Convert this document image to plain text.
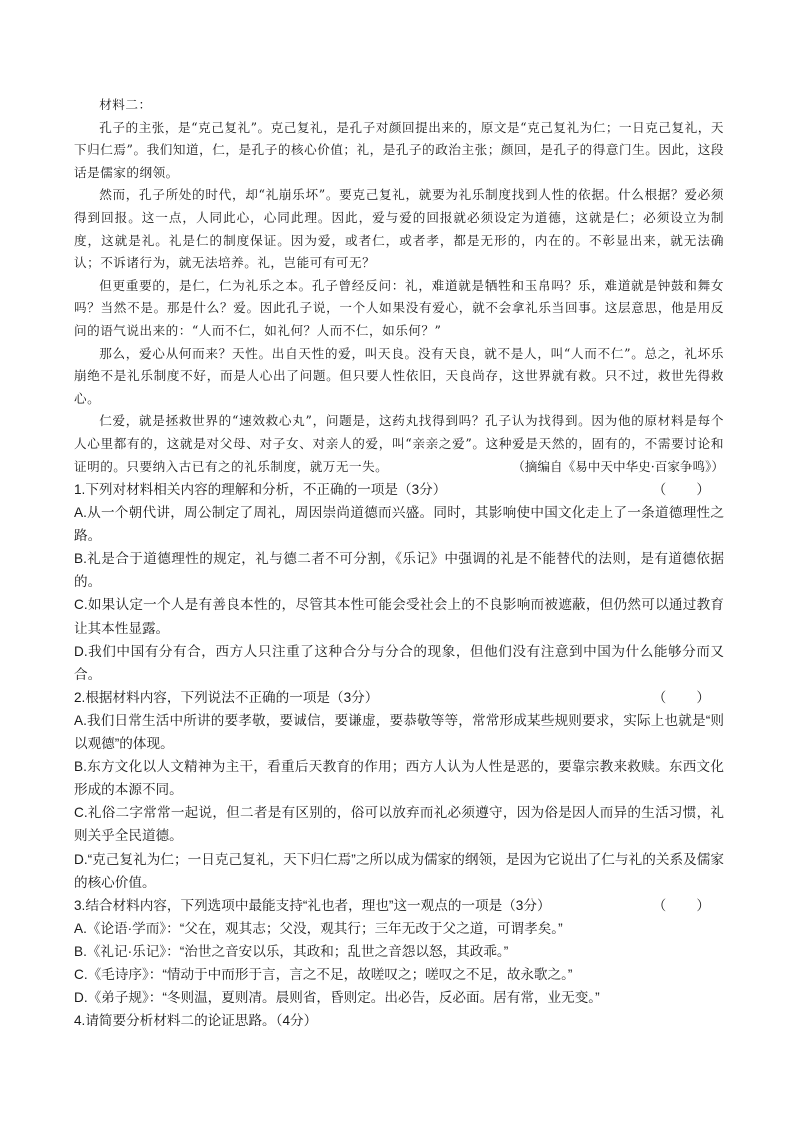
材料二：

孔子的主张，是“克己复礼”。克己复礼，是孔子对颜回提出来的，原文是“克己复礼为仁；一日克己复礼，天下归仁焉”。我们知道，仁，是孔子的核心价值；礼，是孔子的政治主张；颜回，是孔子的得意门生。因此，这段话是儒家的纲领。

然而，孔子所处的时代，却“礼崩乐坏”。要克己复礼，就要为礼乐制度找到人性的依据。什么根据？爱必须得到回报。这一点，人同此心，心同此理。因此，爱与爱的回报就必须设定为道德，这就是仁；必须设立为制度，这就是礼。礼是仁的制度保证。因为爱，或者仁，或者孝，都是无形的，内在的。不彰显出来，就无法确认；不诉诸行为，就无法培养。礼，岂能可有可无？

但更重要的，是仁，仁为礼乐之本。孔子曾经反问：礼，难道就是牺牲和玉帛吗？乐，难道就是钟鼓和舞女吗？当然不是。那是什么？爱。因此孔子说，一个人如果没有爱心，就不会拿礼乐当回事。这层意思，他是用反问的语气说出来的：“人而不仁，如礼何？人而不仁，如乐何？”

那么，爱心从何而来？天性。出自天性的爱，叫天良。没有天良，就不是人，叫“人而不仁”。总之，礼坏乐崩绝不是礼乐制度不好，而是人心出了问题。但只要人性依旧，天良尚存，这世界就有救。只不过，救世先得救心。

仁爱，就是拯救世界的“速效救心丸”，问题是，这药丸找得到吗？孔子认为找得到。因为他的原材料是每个人心里都有的，这就是对父母、对子女、对亲人的爱，叫“亲亲之爱”。这种爱是天然的，固有的，不需要讨论和证明的。只要纳入古已有之的礼乐制度，就万无一失。	（摘编自《易中天中华史·百家争鸣》）

1.下列对材料相关内容的理解和分析，不正确的一项是（3分）	（        ）

A.从一个朝代讲，周公制定了周礼，周因崇尚道德而兴盛。同时，其影响使中国文化走上了一条道德理性之路。

B.礼是合于道德理性的规定，礼与德二者不可分割，《乐记》中强调的礼是不能替代的法则，是有道德依据的。

C.如果认定一个人是有善良本性的，尽管其本性可能会受社会上的不良影响而被遮蔽，但仍然可以通过教育让其本性显露。

D.我们中国有分有合，西方人只注重了这种合分与分合的现象，但他们没有注意到中国为什么能够分而又合。

2.根据材料内容，下列说法不正确的一项是（3分）	（        ）

A.我们日常生活中所讲的要孝敬，要诚信，要谦虚，要恭敬等等，常常形成某些规则要求，实际上也就是“则以观德”的体现。

B.东方文化以人文精神为主干，看重后天教育的作用；西方人认为人性是恶的，要靠宗教来救赎。东西文化形成的本源不同。

C.礼俗二字常常一起说，但二者是有区别的，俗可以放弃而礼必须遵守，因为俗是因人而异的生活习惯，礼则关乎全民道德。

D.“克己复礼为仁；一日克己复礼，天下归仁焉”之所以成为儒家的纲领，是因为它说出了仁与礼的关系及儒家的核心价值。

3.结合材料内容，下列选项中最能支持“礼也者，理也”这一观点的一项是（3分）	（        ）

A.《论语·学而》：“父在，观其志；父没，观其行；三年无改于父之道，可谓孝矣。”

B.《礼记·乐记》：“治世之音安以乐，其政和；乱世之音怨以怒，其政乖。”

C.《毛诗序》：“情动于中而形于言，言之不足，故嗟叹之；嗟叹之不足，故永歌之。”

D.《弟子规》：“冬则温，夏则凊。晨则省，昏则定。出必告，反必面。居有常，业无变。”

4.请简要分析材料二的论证思路。（4分）
